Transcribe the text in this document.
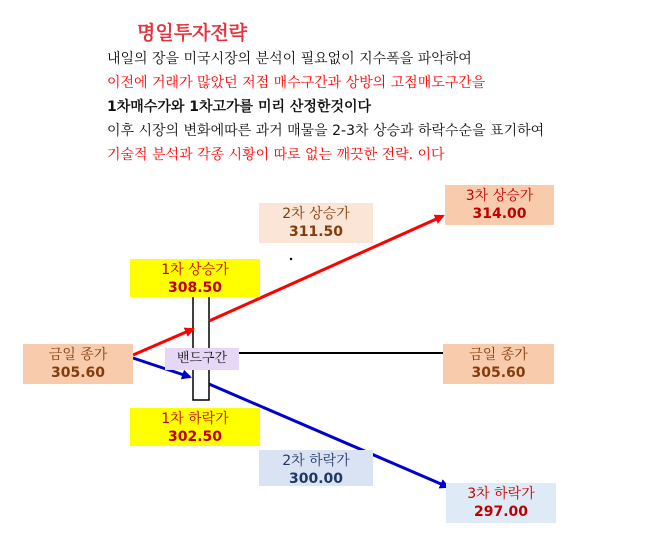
명일투자전략
내일의 장을 미국시장의 분석이 필요없이 지수폭을 파악하여
이전에 거래가 많았던 저점 매수구간과 상방의 고점매도구간을
1차매수가와 1차고가를 미리 산정한것이다
이후 시장의 변화에따른 과거 매물을 2-3차 상승과 하락수순을 표기하여
기술적 분석과 각종 시황이 따로 없는 깨끗한 전략. 이다
밴드구간
금일 종가
305.60
1차 상승가
308.50
2차 상승가
311.50
3차 상승가
314.00
금일 종가
305.60
1차 하락가
302.50
2차 하락가
300.00
3차 하락가
297.00
